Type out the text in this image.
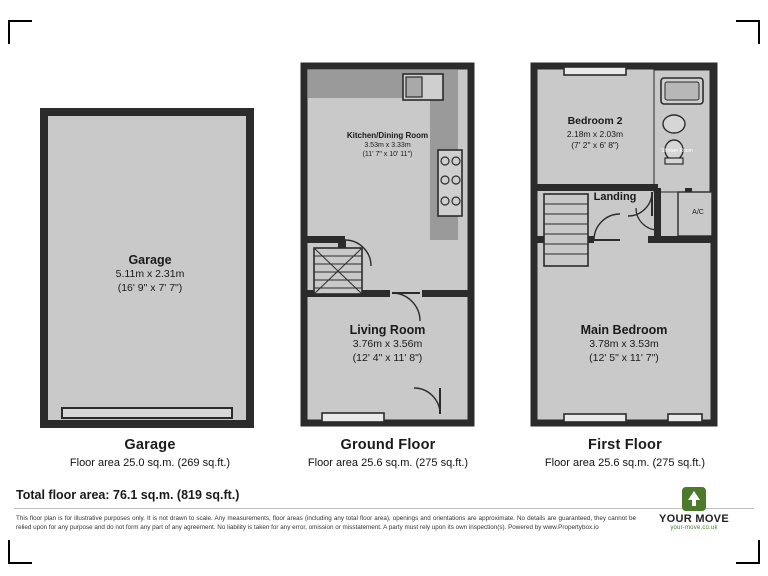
Garage
5.11m x 2.31m
(16' 9" x 7' 7")
Kitchen/Dining Room
3.53m x 3.33m
(11' 7" x 10' 11")
Living Room
3.76m x 3.56m
(12' 4" x 11' 8")
Bedroom 2
2.18m x 2.03m
(7' 2" x 6' 8")
Landing
Shower Room
A/C
Main Bedroom
3.78m x 3.53m
(12' 5" x 11' 7")
Garage
Floor area 25.0 sq.m. (269 sq.ft.)
Ground Floor
Floor area 25.6 sq.m. (275 sq.ft.)
First Floor
Floor area 25.6 sq.m. (275 sq.ft.)
Total floor area: 76.1 sq.m. (819 sq.ft.)
This floor plan is for illustrative purposes only. It is not drawn to scale. Any measurements, floor areas (including any total floor area), openings and orientations are approximate. No details are guaranteed, they cannot be relied upon for any purpose and do not form any part of any agreement. No liability is taken for any error, omission or misstatement. A party must rely upon its own inspection(s). Powered by www.Propertybox.io
YOUR MOVE
your-move.co.uk
